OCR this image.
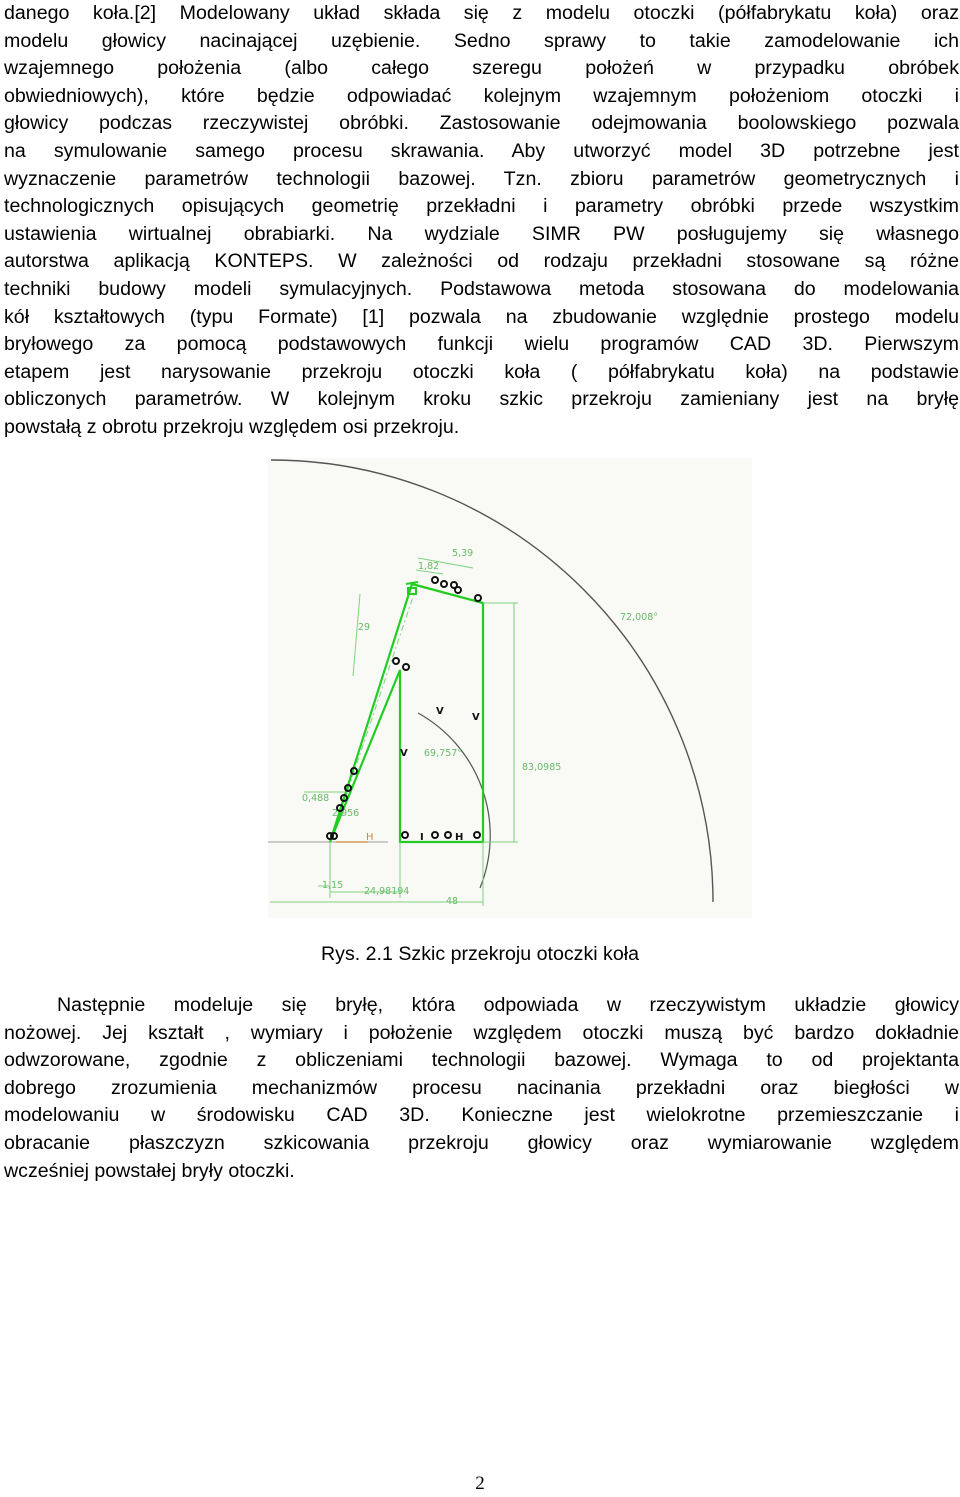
danego koła.[2] Modelowany układ składa się z modelu otoczki (półfabrykatu koła) oraz
modelu głowicy nacinającej uzębienie. Sedno sprawy to takie zamodelowanie ich
wzajemnego położenia (albo całego szeregu położeń w przypadku obróbek
obwiedniowych), które będzie odpowiadać kolejnym wzajemnym położeniom otoczki i
głowicy podczas rzeczywistej obróbki. Zastosowanie odejmowania boolowskiego pozwala
na symulowanie samego procesu skrawania. Aby utworzyć model 3D potrzebne jest
wyznaczenie parametrów technologii bazowej. Tzn. zbioru parametrów geometrycznych i
technologicznych opisujących geometrię przekładni i parametry obróbki przede wszystkim
ustawienia wirtualnej obrabiarki. Na wydziale SIMR PW posługujemy się własnego
autorstwa aplikacją KONTEPS. W zależności od rodzaju przekładni stosowane są różne
techniki budowy modeli symulacyjnych. Podstawowa metoda stosowana do modelowania
kół kształtowych (typu Formate) [1] pozwala na zbudowanie względnie prostego modelu
bryłowego za pomocą podstawowych funkcji wielu programów CAD 3D. Pierwszym
etapem jest narysowanie przekroju otoczki koła ( półfabrykatu koła) na podstawie
obliczonych parametrów. W kolejnym kroku szkic przekroju zamieniany jest na bryłę
powstałą z obrotu przekroju względem osi przekroju.
5,39
1,82
29
72,008°
69,757°
83,0985
0,488
2,956
1,15
24,98194
48
V
V
V
H
I
H
Rys. 2.1 Szkic przekroju otoczki koła
Następnie modeluje się bryłę, która odpowiada w rzeczywistym układzie głowicy
nożowej. Jej kształt , wymiary i położenie względem otoczki muszą być bardzo dokładnie
odwzorowane, zgodnie z obliczeniami technologii bazowej. Wymaga to od projektanta
dobrego zrozumienia mechanizmów procesu nacinania przekładni oraz biegłości w
modelowaniu w środowisku CAD 3D. Konieczne jest wielokrotne przemieszczanie i
obracanie płaszczyzn szkicowania przekroju głowicy oraz wymiarowanie względem
wcześniej powstałej bryły otoczki.
2
